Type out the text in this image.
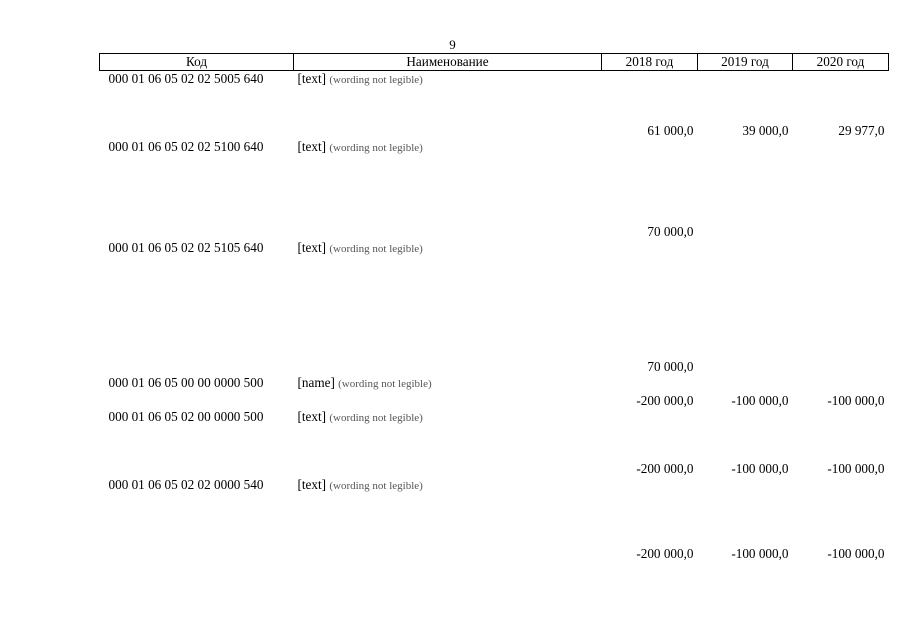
9
Код	Наименование	2018 год	2019 год	2020 год
000 01 06 05 02 02 5005 640	[text] (wording not legible)	61 000,0	39 000,0	29 977,0
000 01 06 05 02 02 5100 640	[text] (wording not legible)	70 000,0		
000 01 06 05 02 02 5105 640	[text] (wording not legible)	70 000,0		
000 01 06 05 00 00 0000 500	[name] (wording not legible)	-200 000,0	-100 000,0	-100 000,0
000 01 06 05 02 00 0000 500	[text] (wording not legible)	-200 000,0	-100 000,0	-100 000,0
000 01 06 05 02 02 0000 540	[text] (wording not legible)	-200 000,0	-100 000,0	-100 000,0
